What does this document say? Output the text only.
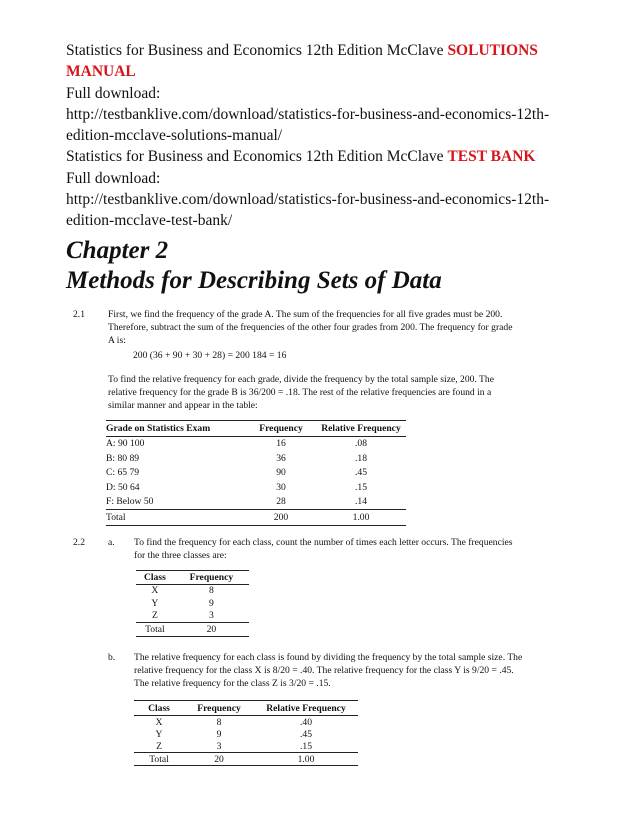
Statistics for Business and Economics 12th Edition McClave SOLUTIONS
MANUAL
Full download:
http://testbanklive.com/download/statistics-for-business-and-economics-12th-
edition-mcclave-solutions-manual/
Statistics for Business and Economics 12th Edition McClave TEST BANK
Full download:
http://testbanklive.com/download/statistics-for-business-and-economics-12th-
edition-mcclave-test-bank/
Chapter 2
Methods for Describing Sets of Data
2.1 First, we find the frequency of the grade A. The sum of the frequencies for all five grades must be 200.
Therefore, subtract the sum of the frequencies of the other four grades from 200. The frequency for grade
A is:
200 (36 + 90 + 30 + 28) = 200 184 = 16
To find the relative frequency for each grade, divide the frequency by the total sample size, 200. The
relative frequency for the grade B is 36/200 = .18. The rest of the relative frequencies are found in a
similar manner and appear in the table:
Grade on Statistics Exam	Frequency	Relative Frequency
A: 90 100	16	.08
B: 80 89	36	.18
C: 65 79	90	.45
D: 50 64	30	.15
F: Below 50	28	.14
Total	200	1.00
2.2 a. To find the frequency for each class, count the number of times each letter occurs. The frequencies
for the three classes are:
Class	Frequency
X	8
Y	9
Z	3
Total	20
b. The relative frequency for each class is found by dividing the frequency by the total sample size. The
relative frequency for the class X is 8/20 = .40. The relative frequency for the class Y is 9/20 = .45.
The relative frequency for the class Z is 3/20 = .15.
Class	Frequency	Relative Frequency
X	8	.40
Y	9	.45
Z	3	.15
Total	20	1.00
